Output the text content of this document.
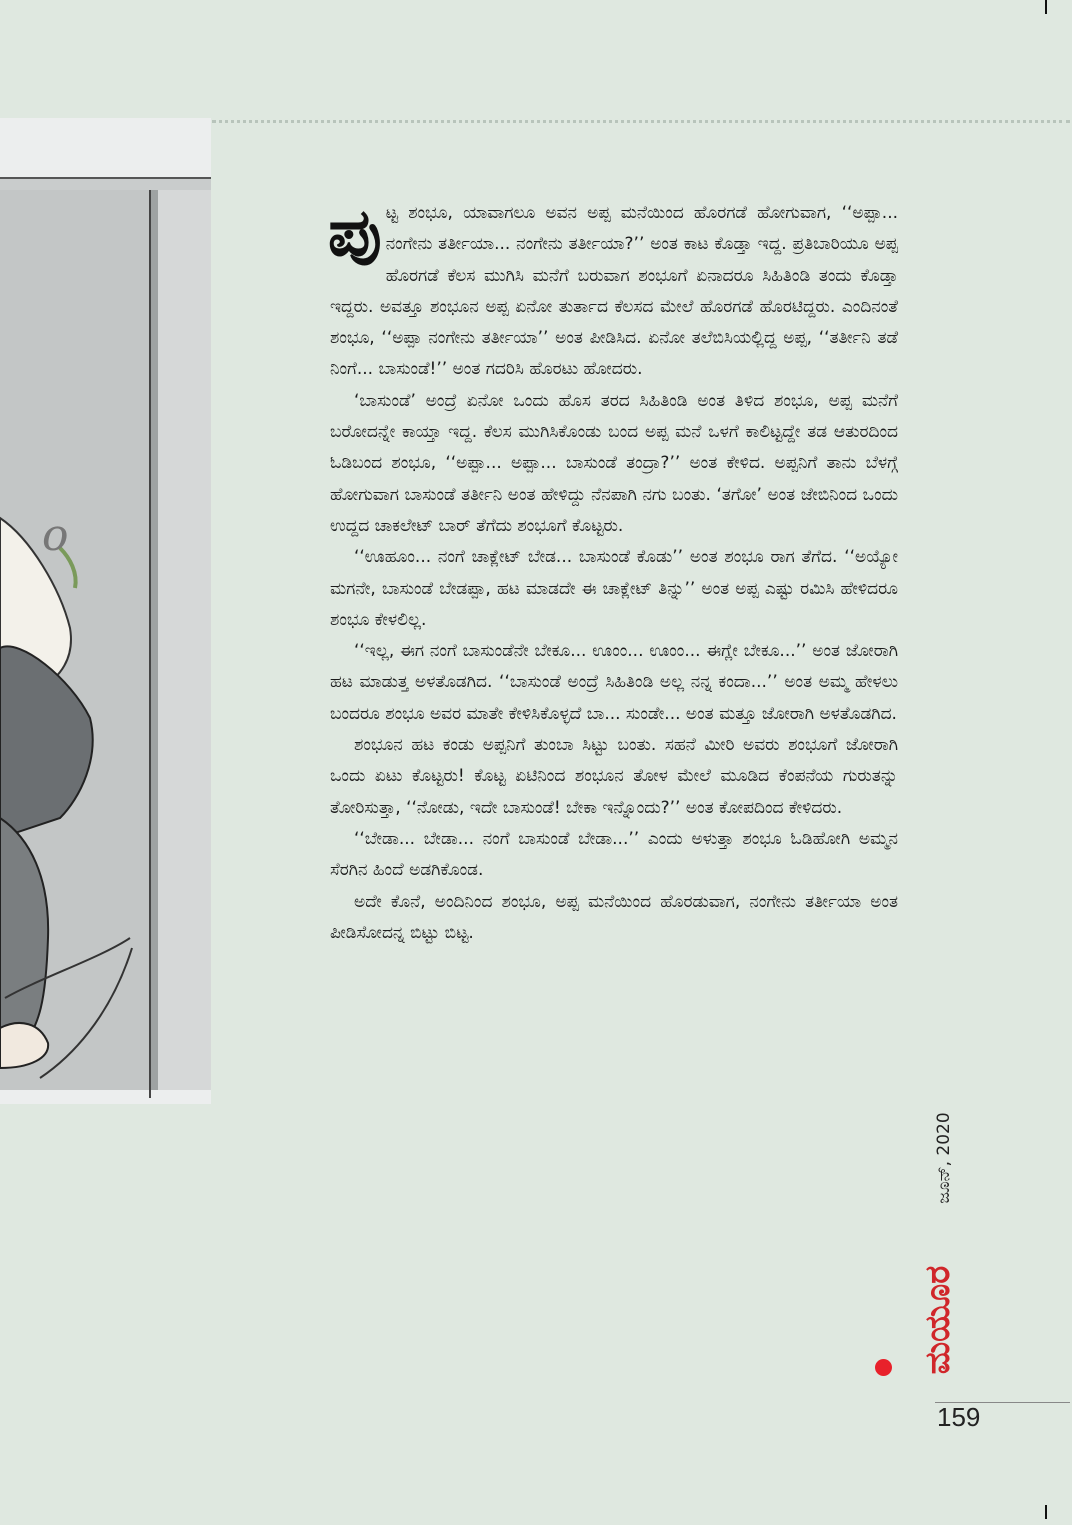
o

ಪುಟ್ಟ ಶಂಭೂ, ಯಾವಾಗಲೂ ಅವನ ಅಪ್ಪ ಮನೆಯಿಂದ ಹೊರಗಡೆ ಹೋಗುವಾಗ, ‘‘ಅಪ್ಪಾ... ನಂಗೇನು ತರ್ತೀಯಾ... ನಂಗೇನು ತರ್ತೀಯಾ?’’ ಅಂತ ಕಾಟ ಕೊಡ್ತಾ ಇದ್ದ. ಪ್ರತಿಬಾರಿಯೂ ಅಪ್ಪ ಹೊರಗಡೆ ಕೆಲಸ ಮುಗಿಸಿ ಮನೆಗೆ ಬರುವಾಗ ಶಂಭೂಗೆ ಏನಾದರೂ ಸಿಹಿತಿಂಡಿ ತಂದು ಕೊಡ್ತಾ ಇದ್ದರು. ಅವತ್ತೂ ಶಂಭೂನ ಅಪ್ಪ ಏನೋ ತುರ್ತಾದ ಕೆಲಸದ ಮೇಲೆ ಹೊರಗಡೆ ಹೊರಟಿದ್ದರು. ಎಂದಿನಂತೆ ಶಂಭೂ, ‘‘ಅಪ್ಪಾ ನಂಗೇನು ತರ್ತೀಯಾ’’ ಅಂತ ಪೀಡಿಸಿದ. ಏನೋ ತಲೆಬಿಸಿಯಲ್ಲಿದ್ದ ಅಪ್ಪ, ‘‘ತರ್ತೀನಿ ತಡೆ ನಿಂಗೆ... ಬಾಸುಂಡೆ!’’ ಅಂತ ಗದರಿಸಿ ಹೊರಟು ಹೋದರು.

‘ಬಾಸುಂಡೆ’ ಅಂದ್ರೆ ಏನೋ ಒಂದು ಹೊಸ ತರದ ಸಿಹಿತಿಂಡಿ ಅಂತ ತಿಳಿದ ಶಂಭೂ, ಅಪ್ಪ ಮನೆಗೆ ಬರೋದನ್ನೇ ಕಾಯ್ತಾ ಇದ್ದ. ಕೆಲಸ ಮುಗಿಸಿಕೊಂಡು ಬಂದ ಅಪ್ಪ ಮನೆ ಒಳಗೆ ಕಾಲಿಟ್ಟದ್ದೇ ತಡ ಆತುರದಿಂದ ಓಡಿಬಂದ ಶಂಭೂ, ‘‘ಅಪ್ಪಾ... ಅಪ್ಪಾ... ಬಾಸುಂಡೆ ತಂದ್ರಾ?’’ ಅಂತ ಕೇಳಿದ. ಅಪ್ಪನಿಗೆ ತಾನು ಬೆಳಗ್ಗೆ ಹೋಗುವಾಗ ಬಾಸುಂಡೆ ತರ್ತೀನಿ ಅಂತ ಹೇಳಿದ್ದು ನೆನಪಾಗಿ ನಗು ಬಂತು. ‘ತಗೋ’ ಅಂತ ಜೇಬಿನಿಂದ ಒಂದು ಉದ್ದದ ಚಾಕಲೇಟ್ ಬಾರ್ ತೆಗೆದು ಶಂಭೂಗೆ ಕೊಟ್ಟರು.

‘‘ಊಹೂಂ... ನಂಗೆ ಚಾಕ್ಲೇಟ್ ಬೇಡ... ಬಾಸುಂಡೆ ಕೊಡು’’ ಅಂತ ಶಂಭೂ ರಾಗ ತೆಗೆದ. ‘‘ಅಯ್ಯೋ ಮಗನೇ, ಬಾಸುಂಡೆ ಬೇಡಪ್ಪಾ, ಹಟ ಮಾಡದೇ ಈ ಚಾಕ್ಲೇಟ್ ತಿನ್ನು’’ ಅಂತ ಅಪ್ಪ ಎಷ್ಟು ರಮಿಸಿ ಹೇಳಿದರೂ ಶಂಭೂ ಕೇಳಲಿಲ್ಲ.

‘‘ಇಲ್ಲ, ಈಗ ನಂಗೆ ಬಾಸುಂಡೆನೇ ಬೇಕೂ... ಊಂಂ... ಊಂಂ... ಈಗ್ಲೇ ಬೇಕೂ...’’ ಅಂತ ಜೋರಾಗಿ ಹಟ ಮಾಡುತ್ತ ಅಳತೊಡಗಿದ. ‘‘ಬಾಸುಂಡೆ ಅಂದ್ರೆ ಸಿಹಿತಿಂಡಿ ಅಲ್ಲ ನನ್ನ ಕಂದಾ...’’ ಅಂತ ಅಮ್ಮ ಹೇಳಲು ಬಂದರೂ ಶಂಭೂ ಅವರ ಮಾತೇ ಕೇಳಿಸಿಕೊಳ್ಳದೆ ಬಾ... ಸುಂಡೇ... ಅಂತ ಮತ್ತೂ ಜೋರಾಗಿ ಅಳತೊಡಗಿದ.

ಶಂಭೂನ ಹಟ ಕಂಡು ಅಪ್ಪನಿಗೆ ತುಂಬಾ ಸಿಟ್ಟು ಬಂತು. ಸಹನೆ ಮೀರಿ ಅವರು ಶಂಭೂಗೆ ಜೋರಾಗಿ ಒಂದು ಏಟು ಕೊಟ್ಟರು! ಕೊಟ್ಟ ಏಟಿನಿಂದ ಶಂಭೂನ ತೋಳ ಮೇಲೆ ಮೂಡಿದ ಕೆಂಪನೆಯ ಗುರುತನ್ನು ತೋರಿಸುತ್ತಾ, ‘‘ನೋಡು, ಇದೇ ಬಾಸುಂಡೆ! ಬೇಕಾ ಇನ್ನೊಂದು?’’ ಅಂತ ಕೋಪದಿಂದ ಕೇಳಿದರು.

‘‘ಬೇಡಾ... ಬೇಡಾ... ನಂಗೆ ಬಾಸುಂಡೆ ಬೇಡಾ...’’ ಎಂದು ಅಳುತ್ತಾ ಶಂಭೂ ಓಡಿಹೋಗಿ ಅಮ್ಮನ ಸೆರಗಿನ ಹಿಂದೆ ಅಡಗಿಕೊಂಡ.

ಅದೇ ಕೊನೆ, ಅಂದಿನಿಂದ ಶಂಭೂ, ಅಪ್ಪ ಮನೆಯಿಂದ ಹೊರಡುವಾಗ, ನಂಗೇನು ತರ್ತೀಯಾ ಅಂತ ಪೀಡಿಸೋದನ್ನ ಬಿಟ್ಟು ಬಿಟ್ಟ.

ಜೂನ್, 2020
ಮಯೂರ
159
